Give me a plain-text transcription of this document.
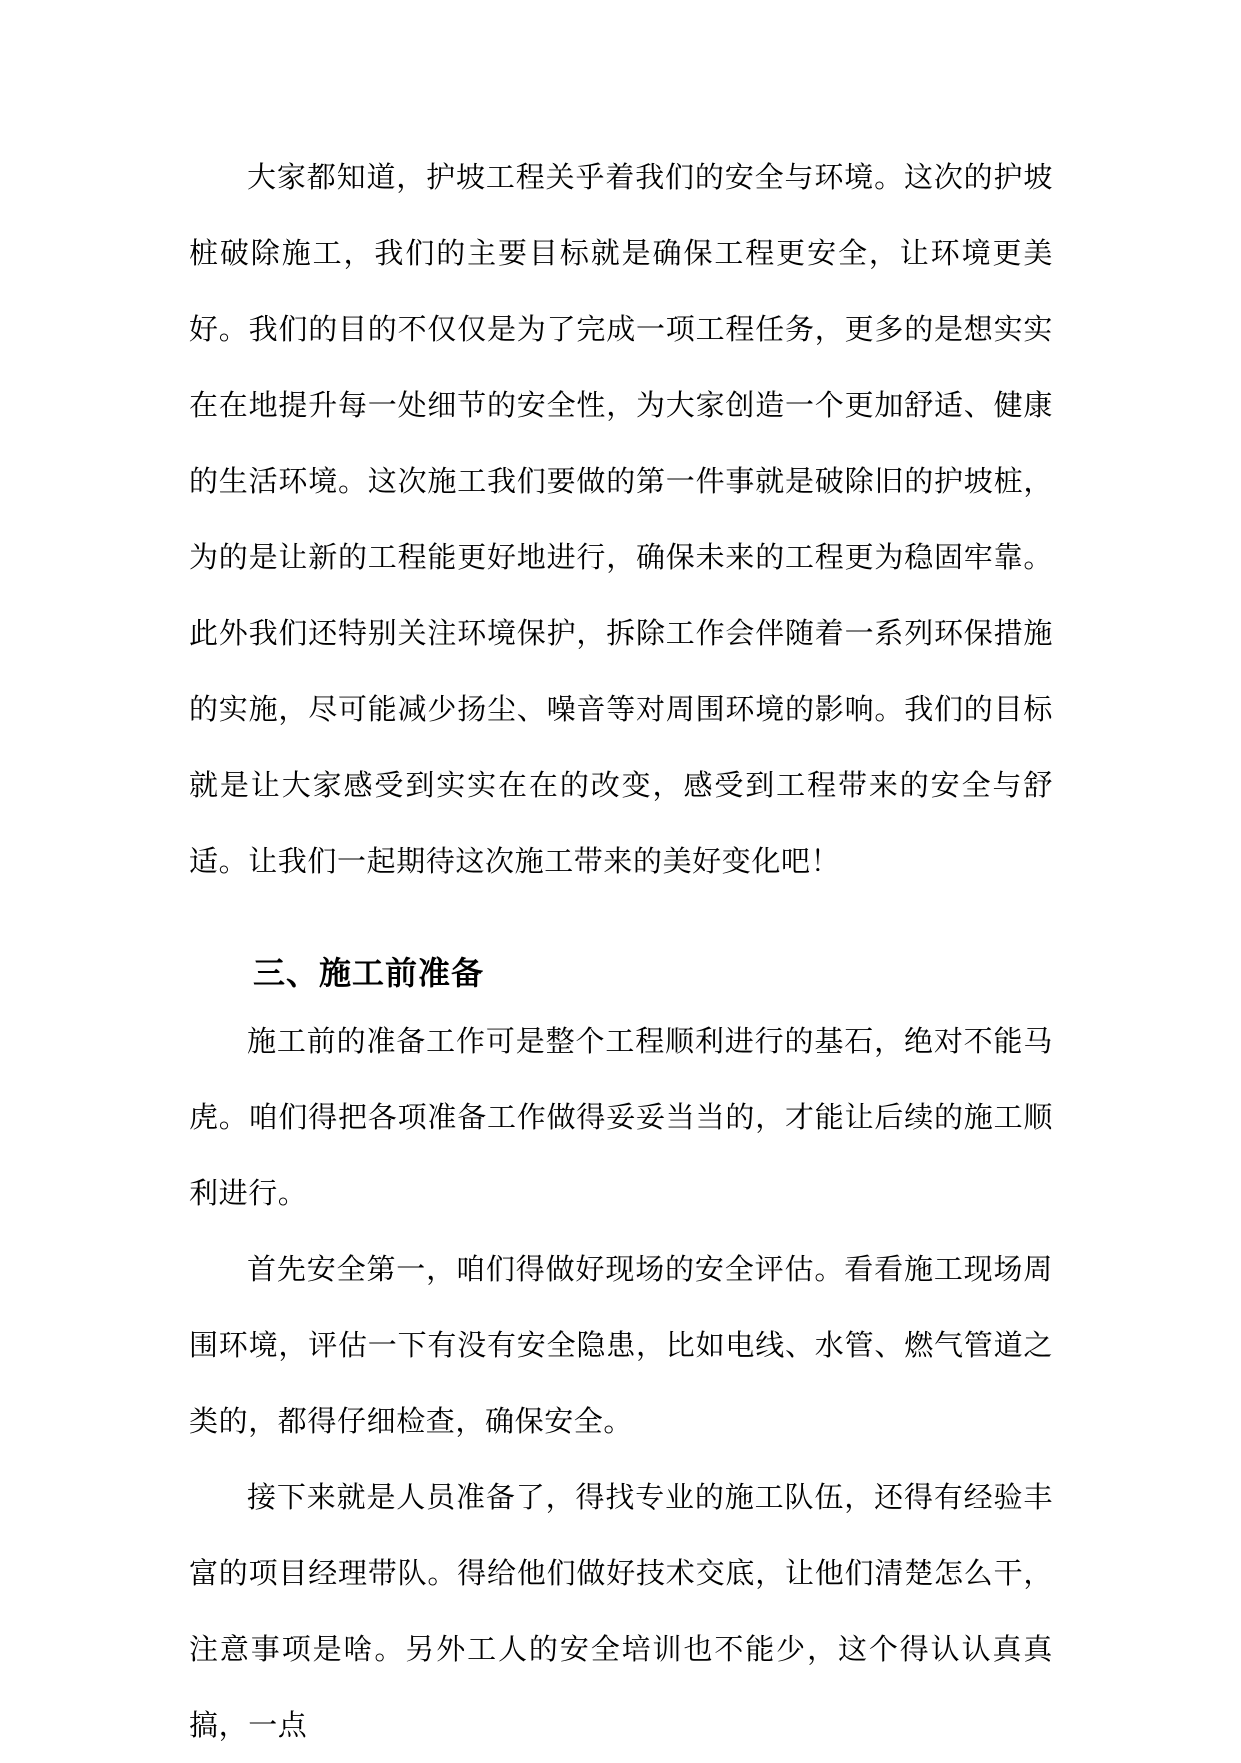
大家都知道，护坡工程关乎着我们的安全与环境。这次的护坡桩破除施工，我们的主要目标就是确保工程更安全，让环境更美好。我们的目的不仅仅是为了完成一项工程任务，更多的是想实实在在地提升每一处细节的安全性，为大家创造一个更加舒适、健康的生活环境。这次施工我们要做的第一件事就是破除旧的护坡桩，为的是让新的工程能更好地进行，确保未来的工程更为稳固牢靠。此外我们还特别关注环境保护，拆除工作会伴随着一系列环保措施的实施，尽可能减少扬尘、噪音等对周围环境的影响。我们的目标就是让大家感受到实实在在的改变，感受到工程带来的安全与舒适。让我们一起期待这次施工带来的美好变化吧！

三、施工前准备

施工前的准备工作可是整个工程顺利进行的基石，绝对不能马虎。咱们得把各项准备工作做得妥妥当当的，才能让后续的施工顺利进行。

首先安全第一，咱们得做好现场的安全评估。看看施工现场周围环境，评估一下有没有安全隐患，比如电线、水管、燃气管道之类的，都得仔细检查，确保安全。

接下来就是人员准备了，得找专业的施工队伍，还得有经验丰富的项目经理带队。得给他们做好技术交底，让他们清楚怎么干，注意事项是啥。另外工人的安全培训也不能少，这个得认认真真搞，一点
